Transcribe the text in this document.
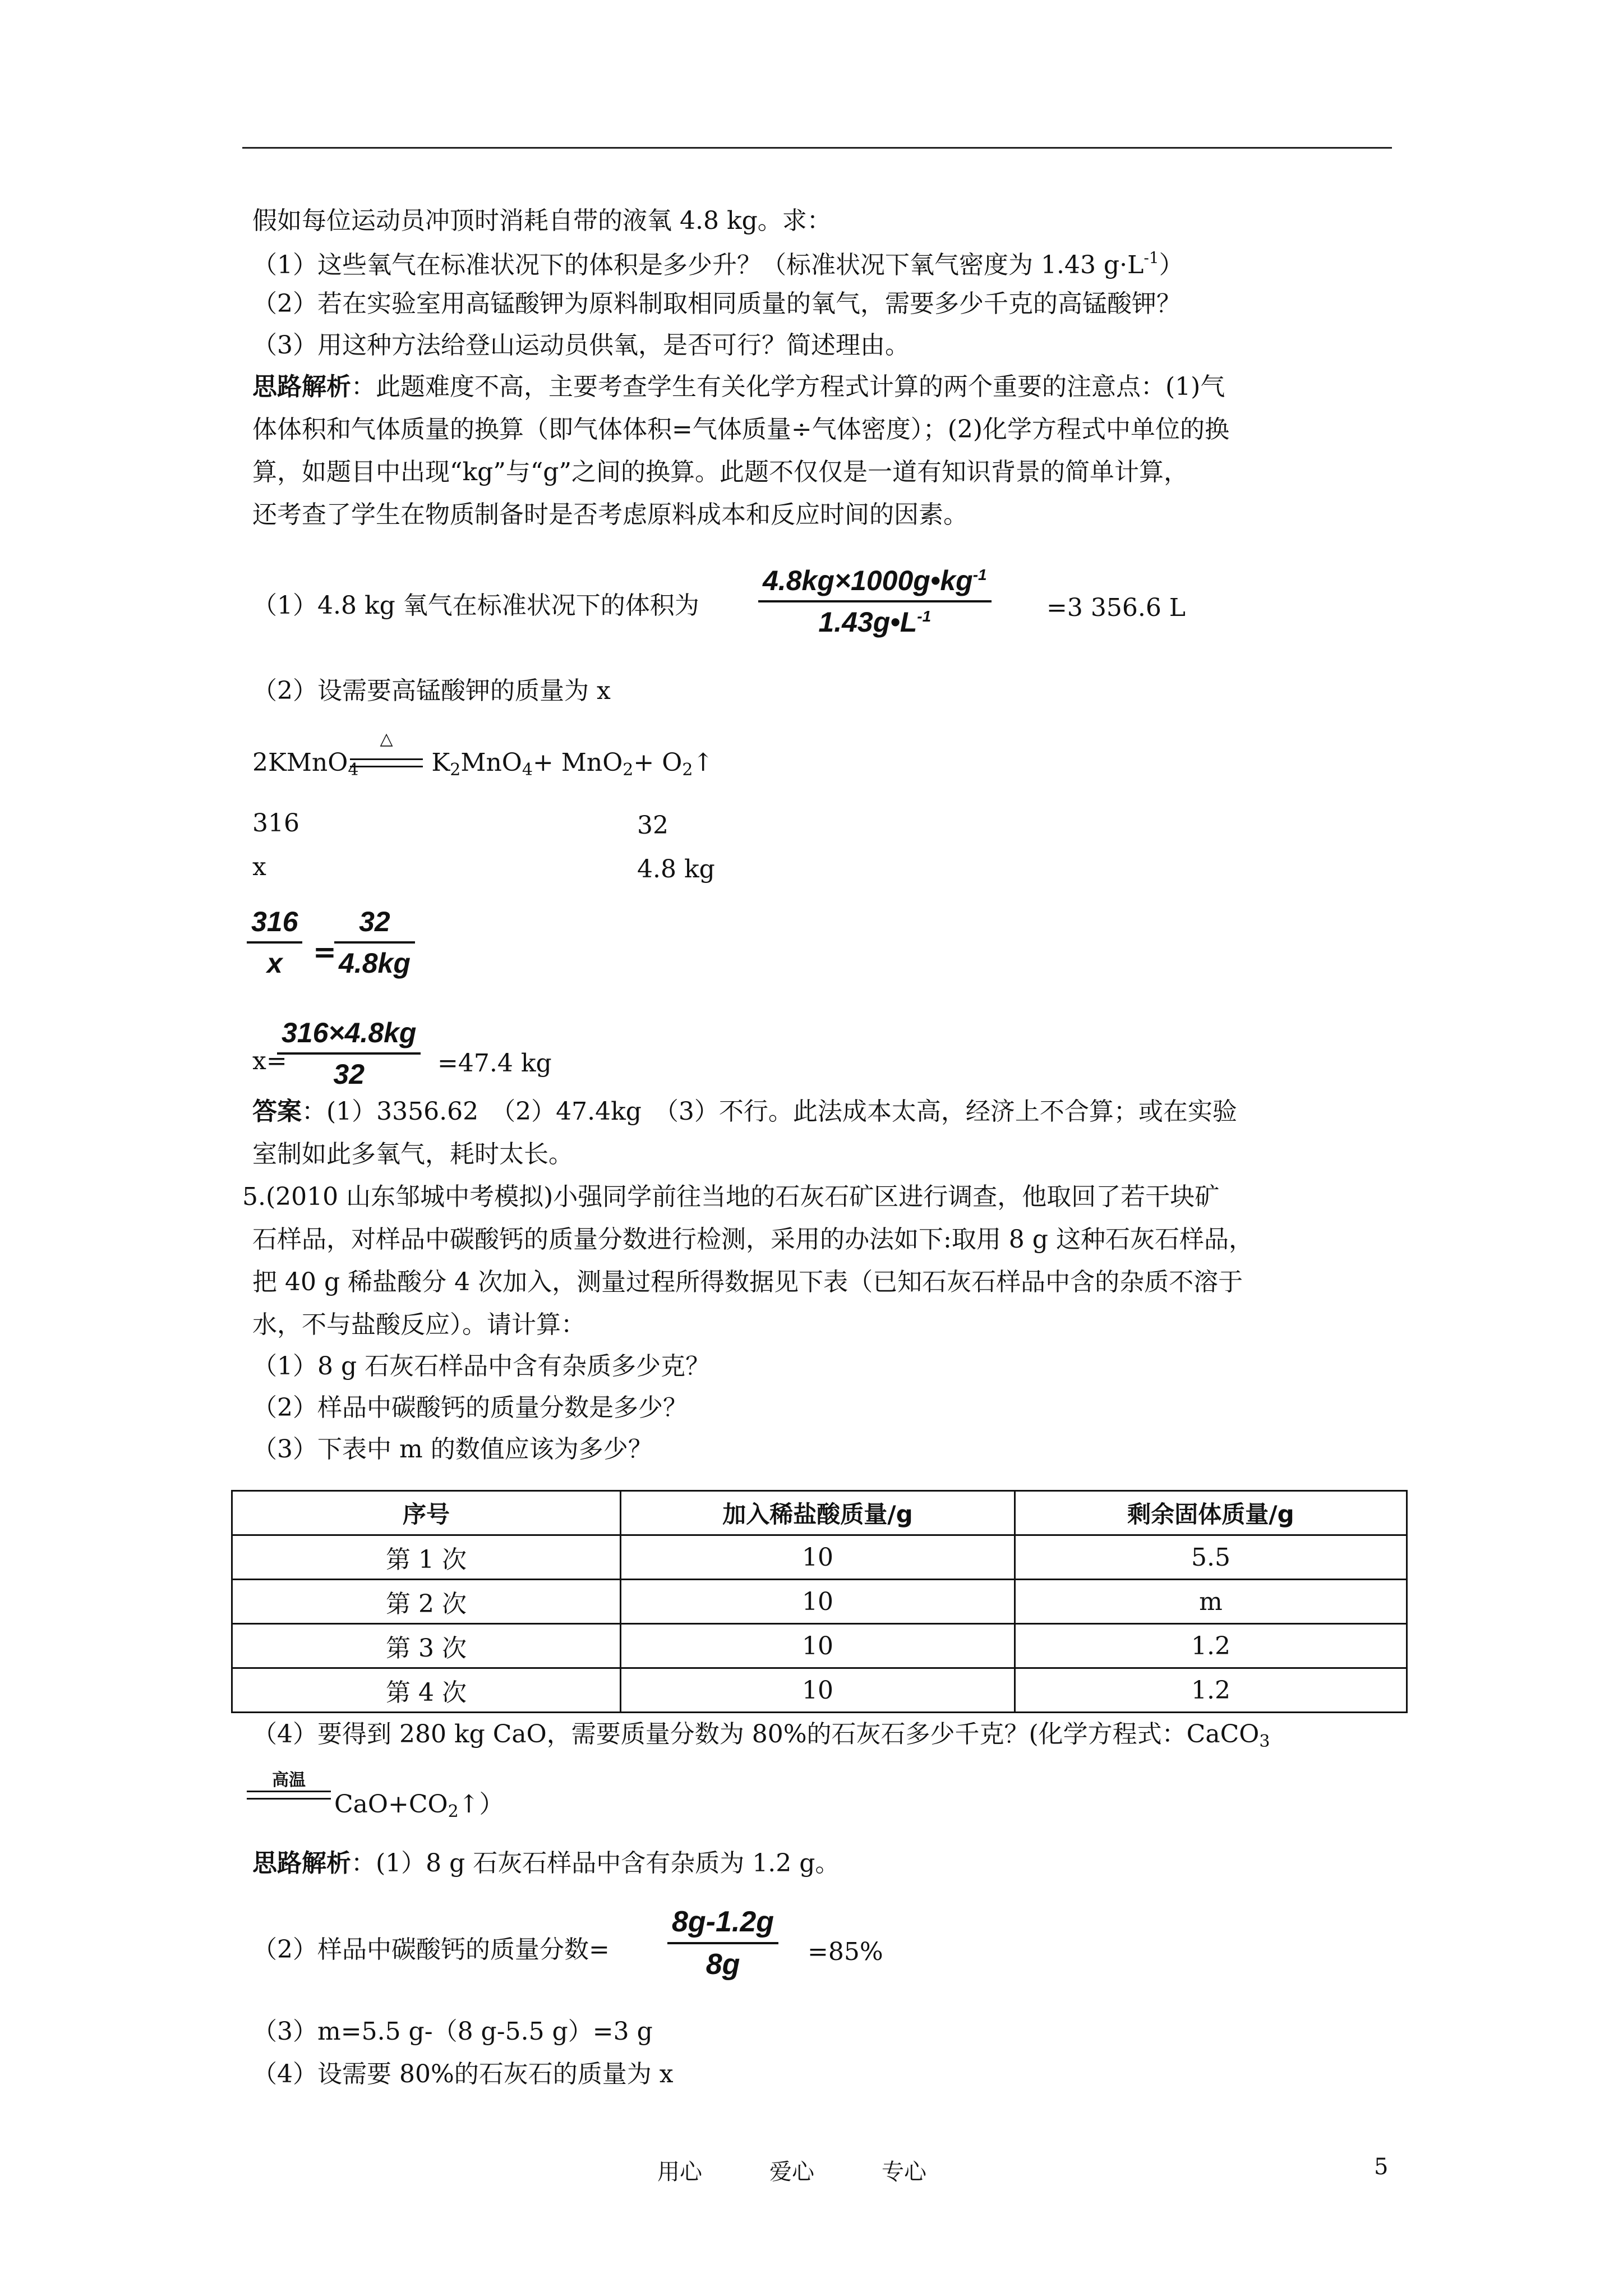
假如每位运动员冲顶时消耗自带的液氧 4.8 kg。求：
（1）这些氧气在标准状况下的体积是多少升？（标准状况下氧气密度为 1.43 $g\cdot L^{-1}$）
（2）若在实验室用高锰酸钾为原料制取相同质量的氧气，需要多少千克的高锰酸钾？
（3）用这种方法给登山运动员供氧，是否可行？简述理由。
思路解析：此题难度不高，主要考查学生有关化学方程式计算的两个重要的注意点：(1)气
体体积和气体质量的换算（即气体体积=气体质量÷气体密度）；(2)化学方程式中单位的换
算，如题目中出现“kg”与“g”之间的换算。此题不仅仅是一道有知识背景的简单计算，
还考查了学生在物质制备时是否考虑原料成本和反应时间的因素。
（1）4.8 kg 氧气在标准状况下的体积为
$4.8kg\times 1000g•kg^{-1}$
$1.43g•L^{-1}$	=3 356.6 L
（2）设需要高锰酸钾的质量为 x
2KMnO$_4$	$K_2MnO_4+ MnO_2+$ $O_2↑$
△
316	32
x	4.8 kg
316
x	=
32
4.8kg
x=
316×4.8kg
32	=47.4 kg
答案：(1）3356.62　（2）47.4kg　（3）不行。此法成本太高，经济上不合算；或在实验
室制如此多氧气，耗时太长。
5.(2010 山东邹城中考模拟)小强同学前往当地的石灰石矿区进行调查，他取回了若干块矿
石样品，对样品中碳酸钙的质量分数进行检测，采用的办法如下:取用 8 g 这种石灰石样品，
把 40 g 稀盐酸分 4 次加入，测量过程所得数据见下表（已知石灰石样品中含的杂质不溶于
水，不与盐酸反应）。请计算：
（1）8 g 石灰石样品中含有杂质多少克？
（2）样品中碳酸钙的质量分数是多少？
（3）下表中 m 的数值应该为多少？
序号	加入稀盐酸质量/g	剩余固体质量/g
第 1 次	10	5.5
第 2 次	10	m
第 3 次	10	1.2
第 4 次	10	1.2
（4）要得到 280 kg CaO，需要质量分数为 80%的石灰石多少千克？(化学方程式：CaCO$_3$
高温
$CaO+CO_2↑$）
思路解析：(1）8 g 石灰石样品中含有杂质为 1.2 g。
（2）样品中碳酸钙的质量分数=
8g-1.2g
8g	=85%
（3）m=5.5 g-（8 g-5.5 g）=3 g
（4）设需要 80%的石灰石的质量为 x
用心	爱心	专心	5
